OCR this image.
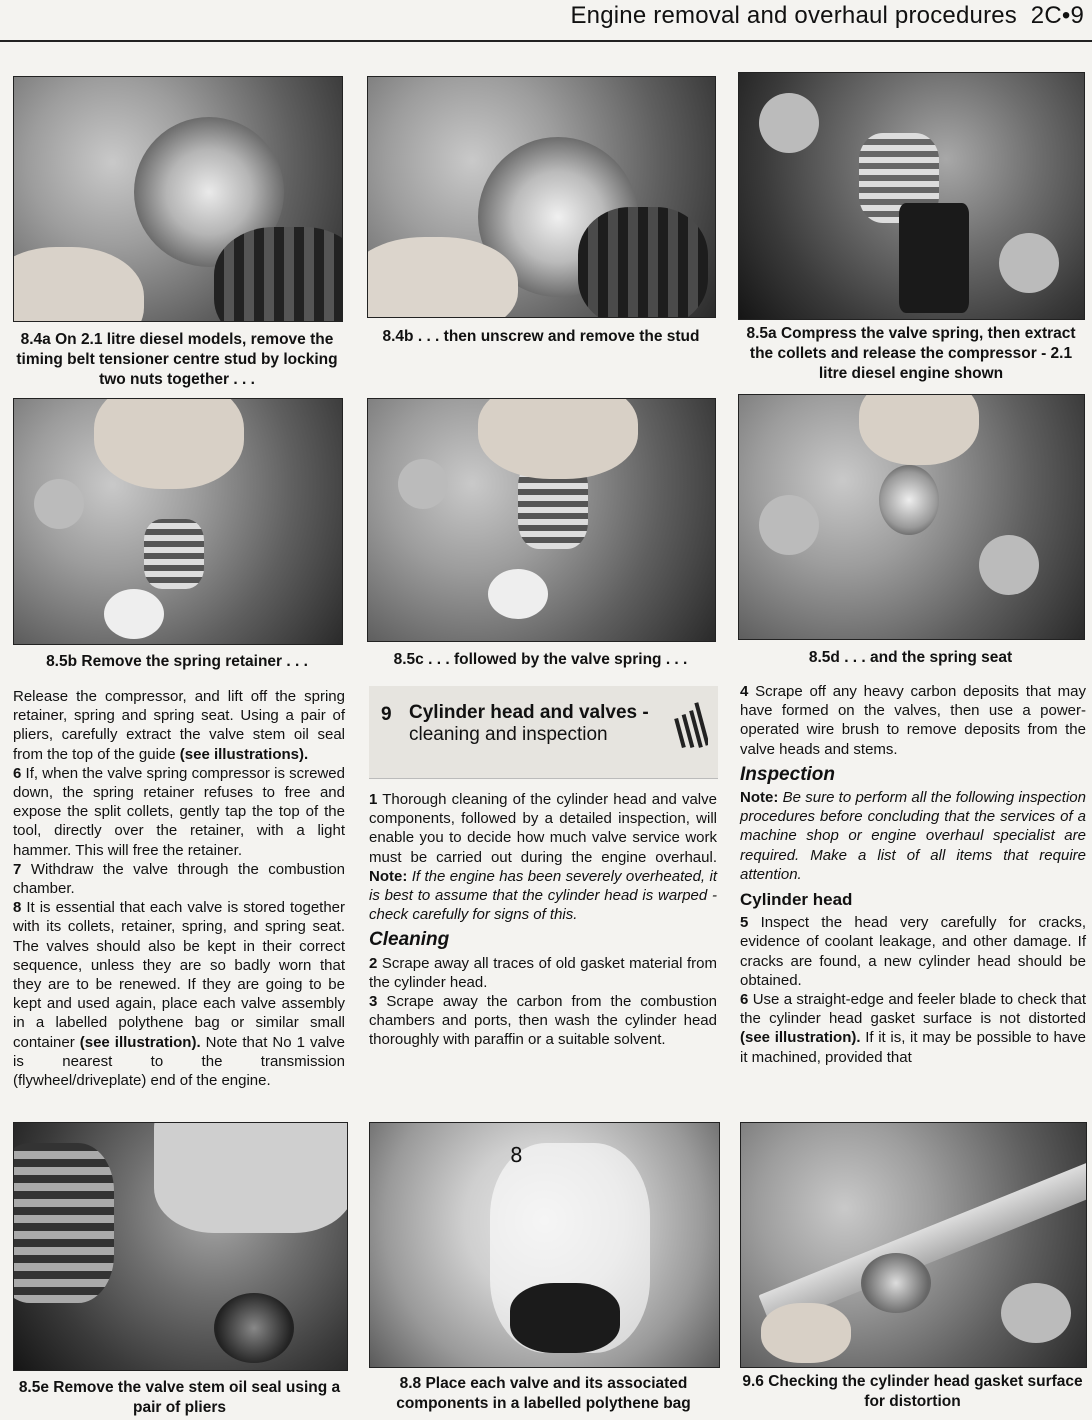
Engine removal and overhaul procedures 2C•9
8.4a On 2.1 litre diesel models, remove the timing belt tensioner centre stud by locking two nuts together . . .
8.4b . . . then unscrew and remove the stud	8.5a Compress the valve spring, then extract the collets and release the compressor - 2.1 litre diesel engine shown
8.5b Remove the spring retainer . . .	8.5c . . . followed by the valve spring . . .	8.5d . . . and the spring seat

Release the compressor, and lift off the spring retainer, spring and spring seat. Using a pair of pliers, carefully extract the valve stem oil seal from the top of the guide (see illustrations).

6 If, when the valve spring compressor is screwed down, the spring retainer refuses to free and expose the split collets, gently tap the top of the tool, directly over the retainer, with a light hammer. This will free the retainer.

7 Withdraw the valve through the combustion chamber.

8 It is essential that each valve is stored together with its collets, retainer, spring, and spring seat. The valves should also be kept in their correct sequence, unless they are so badly worn that they are to be renewed. If they are going to be kept and used again, place each valve assembly in a labelled polythene bag or similar small container (see illustration). Note that No 1 valve is nearest to the transmission (flywheel/driveplate) end of the engine.

9 Cylinder head and valves -
cleaning and inspection

1 Thorough cleaning of the cylinder head and valve components, followed by a detailed inspection, will enable you to decide how much valve service work must be carried out during the engine overhaul. Note: If the engine has been severely overheated, it is best to assume that the cylinder head is warped - check carefully for signs of this.

Cleaning

2 Scrape away all traces of old gasket material from the cylinder head.

3 Scrape away the carbon from the combustion chambers and ports, then wash the cylinder head thoroughly with paraffin or a suitable solvent.

4 Scrape off any heavy carbon deposits that may have formed on the valves, then use a power-operated wire brush to remove deposits from the valve heads and stems.

Inspection

Note: Be sure to perform all the following inspection procedures before concluding that the services of a machine shop or engine overhaul specialist are required. Make a list of all items that require attention.

Cylinder head

5 Inspect the head very carefully for cracks, evidence of coolant leakage, and other damage. If cracks are found, a new cylinder head should be obtained.

6 Use a straight-edge and feeler blade to check that the cylinder head gasket surface is not distorted (see illustration). If it is, it may be possible to have it machined, provided that

8
8.5e Remove the valve stem oil seal using a pair of pliers
8.8 Place each valve and its associated components in a labelled polythene bag
9.6 Checking the cylinder head gasket surface for distortion
